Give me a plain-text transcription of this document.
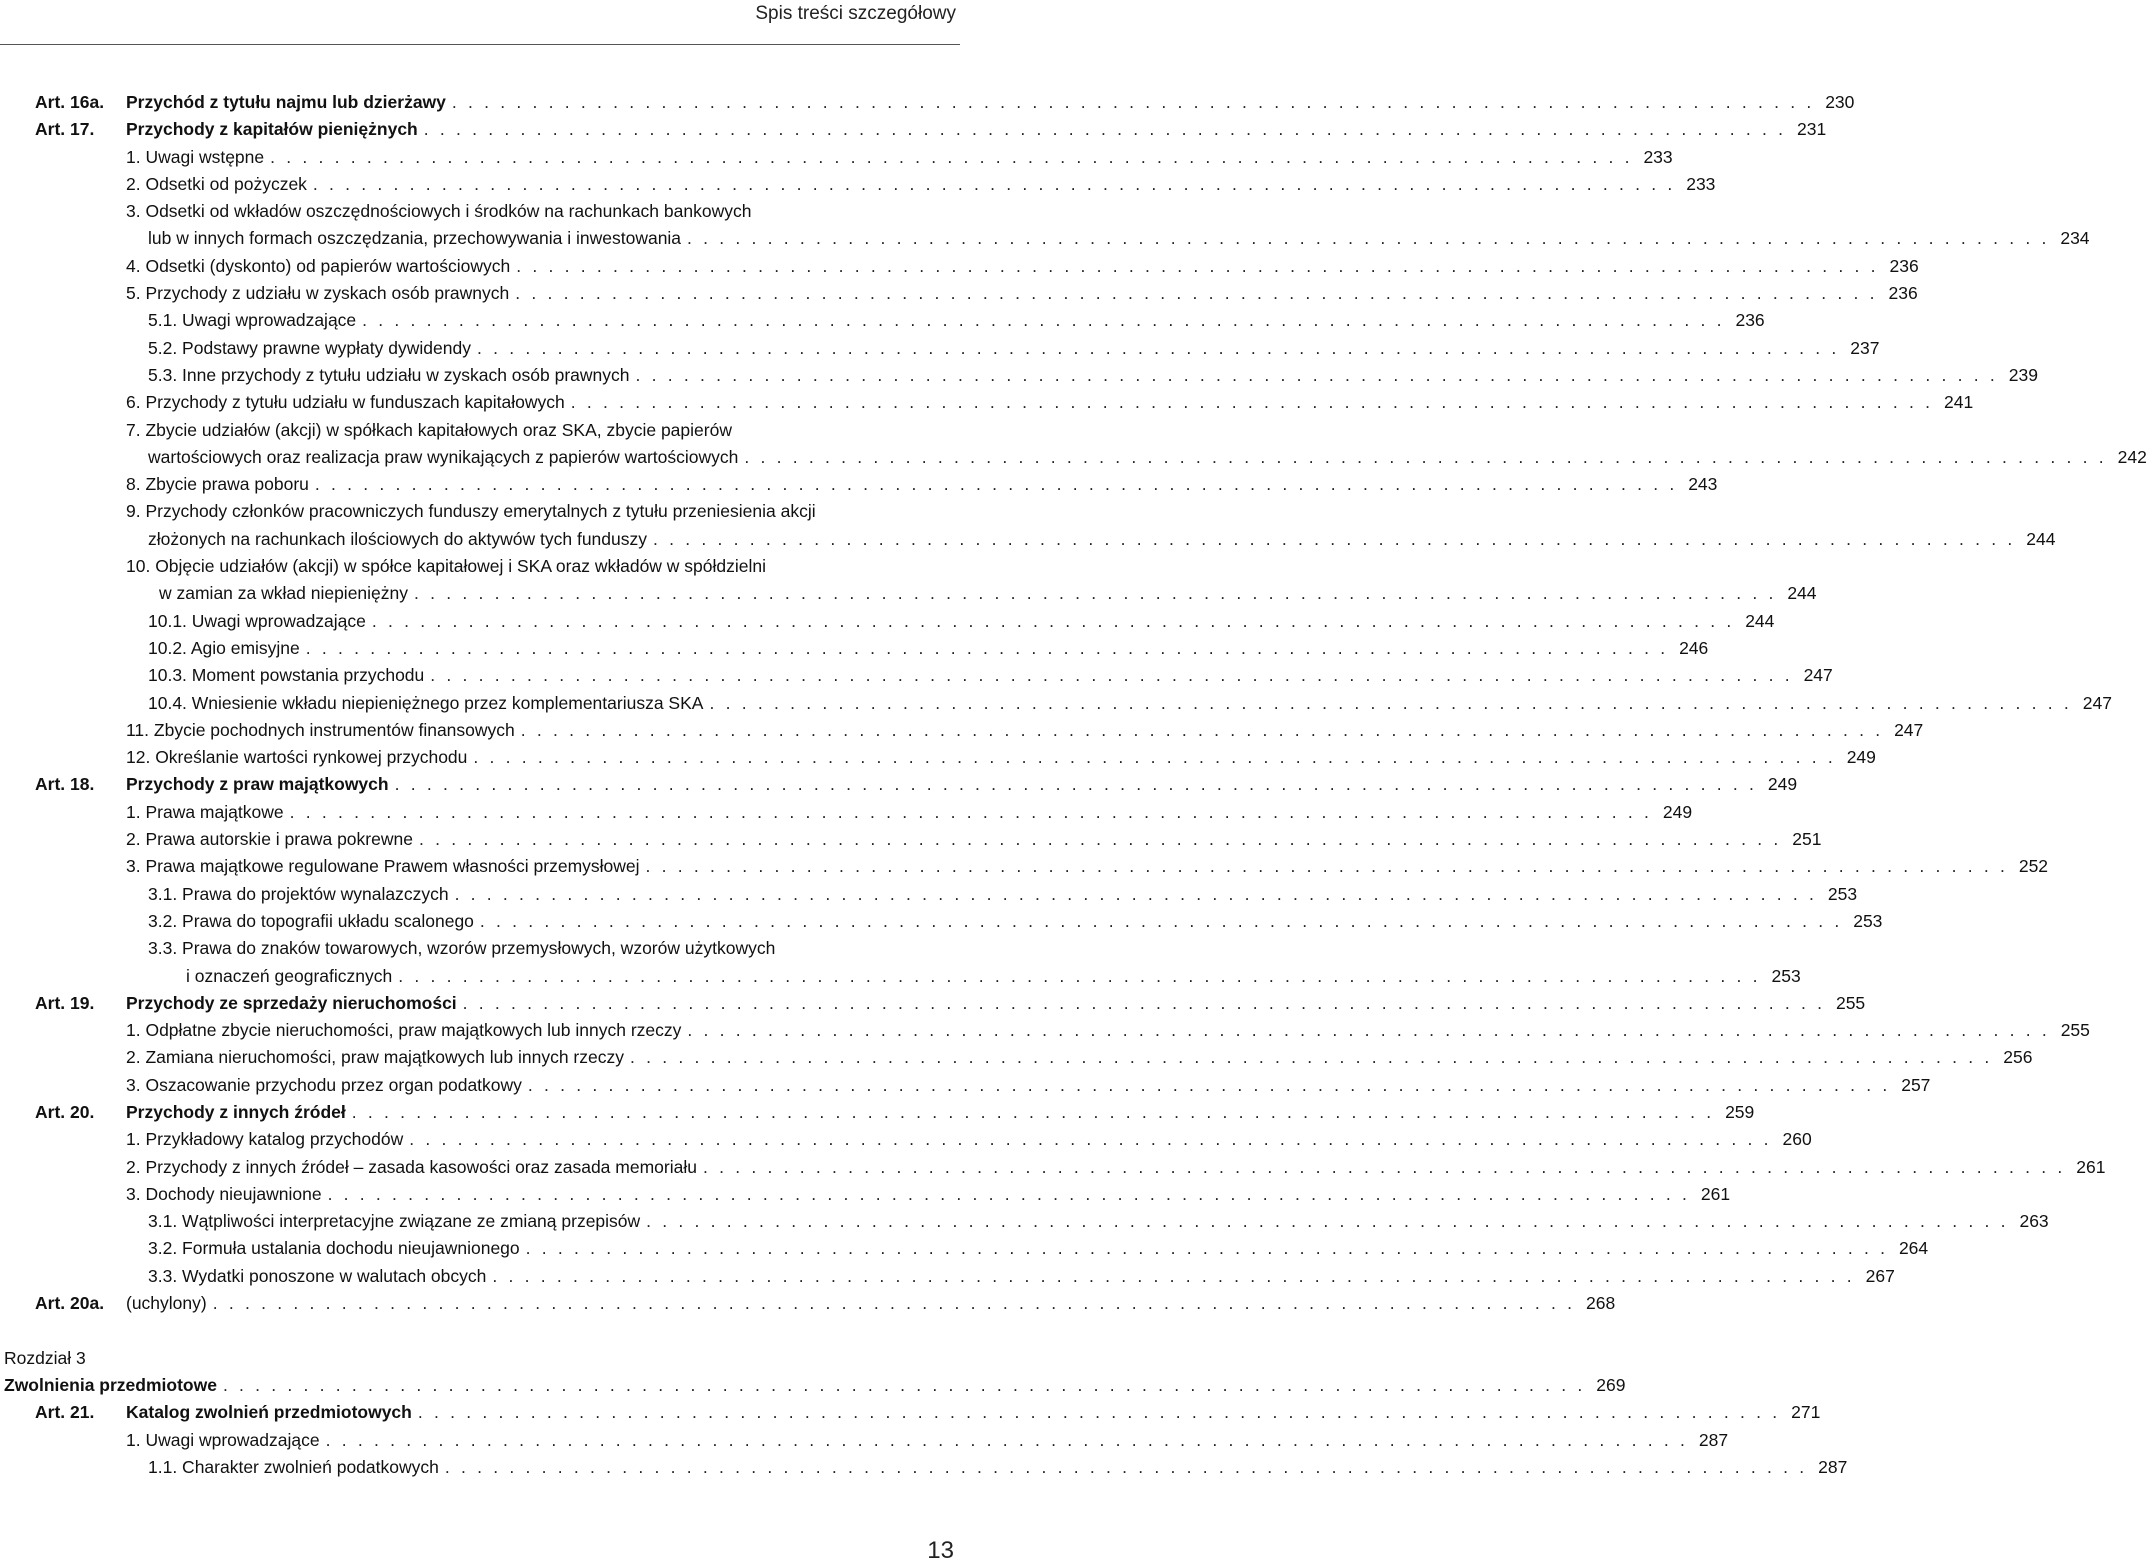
Spis treści szczegółowy
Art. 16a. Przychód z tytułu najmu lub dzierżawy . . . . . . . . . . . . . . . . . . . . . . . . . . . . . . . . . . . . . . . . . . . . . . . . . . . . . . . . . . . . . . . . . . . . . . . . . . . . . . . . . . . . . 230
Art. 17. Przychody z kapitałów pieniężnych . . . . . . . . . . . . . . . . . . . . . . . . . . . . . . . . . . . . . . . . . . . . . . . . . . . . . . . . . . . . . . . . . . . . . . . . . . . . . . . . . . . . . 231
1. Uwagi wstępne . . . . . . . . . . . . . . . . . . . . . . . . . . . . . . . . . . . . . . . . . . . . . . . . . . . . . . . . . . . . . . . . . . . . . . . . . . . . . . . . . . . . . 233
2. Odsetki od pożyczek . . . . . . . . . . . . . . . . . . . . . . . . . . . . . . . . . . . . . . . . . . . . . . . . . . . . . . . . . . . . . . . . . . . . . . . . . . . . . . . . . . . . . 233
3. Odsetki od wkładów oszczędnościowych i środków na rachunkach bankowych
lub w innych formach oszczędzania, przechowywania i inwestowania . . . . . . . . . . . . . . . . . . . . . . . . . . . . . . . . . . . . . . . . . . . . . . . . . . . . . . . . . . . . . . . . . . . . . . . . . . . . . . . . . . . . . 234
4. Odsetki (dyskonto) od papierów wartościowych . . . . . . . . . . . . . . . . . . . . . . . . . . . . . . . . . . . . . . . . . . . . . . . . . . . . . . . . . . . . . . . . . . . . . . . . . . . . . . . . . . . . . 236
5. Przychody z udziału w zyskach osób prawnych . . . . . . . . . . . . . . . . . . . . . . . . . . . . . . . . . . . . . . . . . . . . . . . . . . . . . . . . . . . . . . . . . . . . . . . . . . . . . . . . . . . . . 236
5.1. Uwagi wprowadzające . . . . . . . . . . . . . . . . . . . . . . . . . . . . . . . . . . . . . . . . . . . . . . . . . . . . . . . . . . . . . . . . . . . . . . . . . . . . . . . . . . . . . 236
5.2. Podstawy prawne wypłaty dywidendy . . . . . . . . . . . . . . . . . . . . . . . . . . . . . . . . . . . . . . . . . . . . . . . . . . . . . . . . . . . . . . . . . . . . . . . . . . . . . . . . . . . . . 237
5.3. Inne przychody z tytułu udziału w zyskach osób prawnych . . . . . . . . . . . . . . . . . . . . . . . . . . . . . . . . . . . . . . . . . . . . . . . . . . . . . . . . . . . . . . . . . . . . . . . . . . . . . . . . . . . . . 239
6. Przychody z tytułu udziału w funduszach kapitałowych . . . . . . . . . . . . . . . . . . . . . . . . . . . . . . . . . . . . . . . . . . . . . . . . . . . . . . . . . . . . . . . . . . . . . . . . . . . . . . . . . . . . . 241
7. Zbycie udziałów (akcji) w spółkach kapitałowych oraz SKA, zbycie papierów
wartościowych oraz realizacja praw wynikających z papierów wartościowych . . . . . . . . . . . . . . . . . . . . . . . . . . . . . . . . . . . . . . . . . . . . . . . . . . . . . . . . . . . . . . . . . . . . . . . . . . . . . . . . . . . . . 242
8. Zbycie prawa poboru . . . . . . . . . . . . . . . . . . . . . . . . . . . . . . . . . . . . . . . . . . . . . . . . . . . . . . . . . . . . . . . . . . . . . . . . . . . . . . . . . . . . . 243
9. Przychody członków pracowniczych funduszy emerytalnych z tytułu przeniesienia akcji
złożonych na rachunkach ilościowych do aktywów tych funduszy . . . . . . . . . . . . . . . . . . . . . . . . . . . . . . . . . . . . . . . . . . . . . . . . . . . . . . . . . . . . . . . . . . . . . . . . . . . . . . . . . . . . . 244
10. Objęcie udziałów (akcji) w spółce kapitałowej i SKA oraz wkładów w spółdzielni
w zamian za wkład niepieniężny . . . . . . . . . . . . . . . . . . . . . . . . . . . . . . . . . . . . . . . . . . . . . . . . . . . . . . . . . . . . . . . . . . . . . . . . . . . . . . . . . . . . . 244
10.1. Uwagi wprowadzające . . . . . . . . . . . . . . . . . . . . . . . . . . . . . . . . . . . . . . . . . . . . . . . . . . . . . . . . . . . . . . . . . . . . . . . . . . . . . . . . . . . . . 244
10.2. Agio emisyjne . . . . . . . . . . . . . . . . . . . . . . . . . . . . . . . . . . . . . . . . . . . . . . . . . . . . . . . . . . . . . . . . . . . . . . . . . . . . . . . . . . . . . 246
10.3. Moment powstania przychodu . . . . . . . . . . . . . . . . . . . . . . . . . . . . . . . . . . . . . . . . . . . . . . . . . . . . . . . . . . . . . . . . . . . . . . . . . . . . . . . . . . . . . 247
10.4. Wniesienie wkładu niepieniężnego przez komplementariusza SKA . . . . . . . . . . . . . . . . . . . . . . . . . . . . . . . . . . . . . . . . . . . . . . . . . . . . . . . . . . . . . . . . . . . . . . . . . . . . . . . . . . . . . 247
11. Zbycie pochodnych instrumentów finansowych . . . . . . . . . . . . . . . . . . . . . . . . . . . . . . . . . . . . . . . . . . . . . . . . . . . . . . . . . . . . . . . . . . . . . . . . . . . . . . . . . . . . . 247
12. Określanie wartości rynkowej przychodu . . . . . . . . . . . . . . . . . . . . . . . . . . . . . . . . . . . . . . . . . . . . . . . . . . . . . . . . . . . . . . . . . . . . . . . . . . . . . . . . . . . . . 249
Art. 18. Przychody z praw majątkowych . . . . . . . . . . . . . . . . . . . . . . . . . . . . . . . . . . . . . . . . . . . . . . . . . . . . . . . . . . . . . . . . . . . . . . . . . . . . . . . . . . . . . 249
1. Prawa majątkowe . . . . . . . . . . . . . . . . . . . . . . . . . . . . . . . . . . . . . . . . . . . . . . . . . . . . . . . . . . . . . . . . . . . . . . . . . . . . . . . . . . . . . 249
2. Prawa autorskie i prawa pokrewne . . . . . . . . . . . . . . . . . . . . . . . . . . . . . . . . . . . . . . . . . . . . . . . . . . . . . . . . . . . . . . . . . . . . . . . . . . . . . . . . . . . . . 251
3. Prawa majątkowe regulowane Prawem własności przemysłowej . . . . . . . . . . . . . . . . . . . . . . . . . . . . . . . . . . . . . . . . . . . . . . . . . . . . . . . . . . . . . . . . . . . . . . . . . . . . . . . . . . . . . 252
3.1. Prawa do projektów wynalazczych . . . . . . . . . . . . . . . . . . . . . . . . . . . . . . . . . . . . . . . . . . . . . . . . . . . . . . . . . . . . . . . . . . . . . . . . . . . . . . . . . . . . . 253
3.2. Prawa do topografii układu scalonego . . . . . . . . . . . . . . . . . . . . . . . . . . . . . . . . . . . . . . . . . . . . . . . . . . . . . . . . . . . . . . . . . . . . . . . . . . . . . . . . . . . . . 253
3.3. Prawa do znaków towarowych, wzorów przemysłowych, wzorów użytkowych
i oznaczeń geograficznych . . . . . . . . . . . . . . . . . . . . . . . . . . . . . . . . . . . . . . . . . . . . . . . . . . . . . . . . . . . . . . . . . . . . . . . . . . . . . . . . . . . . . 253
Art. 19. Przychody ze sprzedaży nieruchomości . . . . . . . . . . . . . . . . . . . . . . . . . . . . . . . . . . . . . . . . . . . . . . . . . . . . . . . . . . . . . . . . . . . . . . . . . . . . . . . . . . . . . 255
1. Odpłatne zbycie nieruchomości, praw majątkowych lub innych rzeczy . . . . . . . . . . . . . . . . . . . . . . . . . . . . . . . . . . . . . . . . . . . . . . . . . . . . . . . . . . . . . . . . . . . . . . . . . . . . . . . . . . . . . 255
2. Zamiana nieruchomości, praw majątkowych lub innych rzeczy . . . . . . . . . . . . . . . . . . . . . . . . . . . . . . . . . . . . . . . . . . . . . . . . . . . . . . . . . . . . . . . . . . . . . . . . . . . . . . . . . . . . . 256
3. Oszacowanie przychodu przez organ podatkowy . . . . . . . . . . . . . . . . . . . . . . . . . . . . . . . . . . . . . . . . . . . . . . . . . . . . . . . . . . . . . . . . . . . . . . . . . . . . . . . . . . . . . 257
Art. 20. Przychody z innych źródeł . . . . . . . . . . . . . . . . . . . . . . . . . . . . . . . . . . . . . . . . . . . . . . . . . . . . . . . . . . . . . . . . . . . . . . . . . . . . . . . . . . . . . 259
1. Przykładowy katalog przychodów . . . . . . . . . . . . . . . . . . . . . . . . . . . . . . . . . . . . . . . . . . . . . . . . . . . . . . . . . . . . . . . . . . . . . . . . . . . . . . . . . . . . . 260
2. Przychody z innych źródeł – zasada kasowości oraz zasada memoriału . . . . . . . . . . . . . . . . . . . . . . . . . . . . . . . . . . . . . . . . . . . . . . . . . . . . . . . . . . . . . . . . . . . . . . . . . . . . . . . . . . . . . 261
3. Dochody nieujawnione . . . . . . . . . . . . . . . . . . . . . . . . . . . . . . . . . . . . . . . . . . . . . . . . . . . . . . . . . . . . . . . . . . . . . . . . . . . . . . . . . . . . . 261
3.1. Wątpliwości interpretacyjne związane ze zmianą przepisów . . . . . . . . . . . . . . . . . . . . . . . . . . . . . . . . . . . . . . . . . . . . . . . . . . . . . . . . . . . . . . . . . . . . . . . . . . . . . . . . . . . . . 263
3.2. Formuła ustalania dochodu nieujawnionego . . . . . . . . . . . . . . . . . . . . . . . . . . . . . . . . . . . . . . . . . . . . . . . . . . . . . . . . . . . . . . . . . . . . . . . . . . . . . . . . . . . . . 264
3.3. Wydatki ponoszone w walutach obcych . . . . . . . . . . . . . . . . . . . . . . . . . . . . . . . . . . . . . . . . . . . . . . . . . . . . . . . . . . . . . . . . . . . . . . . . . . . . . . . . . . . . . 267
Art. 20a. (uchylony) . . . . . . . . . . . . . . . . . . . . . . . . . . . . . . . . . . . . . . . . . . . . . . . . . . . . . . . . . . . . . . . . . . . . . . . . . . . . . . . . . . . . . 268
Rozdział 3
Zwolnienia przedmiotowe . . . . . . . . . . . . . . . . . . . . . . . . . . . . . . . . . . . . . . . . . . . . . . . . . . . . . . . . . . . . . . . . . . . . . . . . . . . . . . . . . . . . . 269
Art. 21. Katalog zwolnień przedmiotowych . . . . . . . . . . . . . . . . . . . . . . . . . . . . . . . . . . . . . . . . . . . . . . . . . . . . . . . . . . . . . . . . . . . . . . . . . . . . . . . . . . . . . 271
1. Uwagi wprowadzające . . . . . . . . . . . . . . . . . . . . . . . . . . . . . . . . . . . . . . . . . . . . . . . . . . . . . . . . . . . . . . . . . . . . . . . . . . . . . . . . . . . . . 287
1.1. Charakter zwolnień podatkowych . . . . . . . . . . . . . . . . . . . . . . . . . . . . . . . . . . . . . . . . . . . . . . . . . . . . . . . . . . . . . . . . . . . . . . . . . . . . . . . . . . . . . 287
13
